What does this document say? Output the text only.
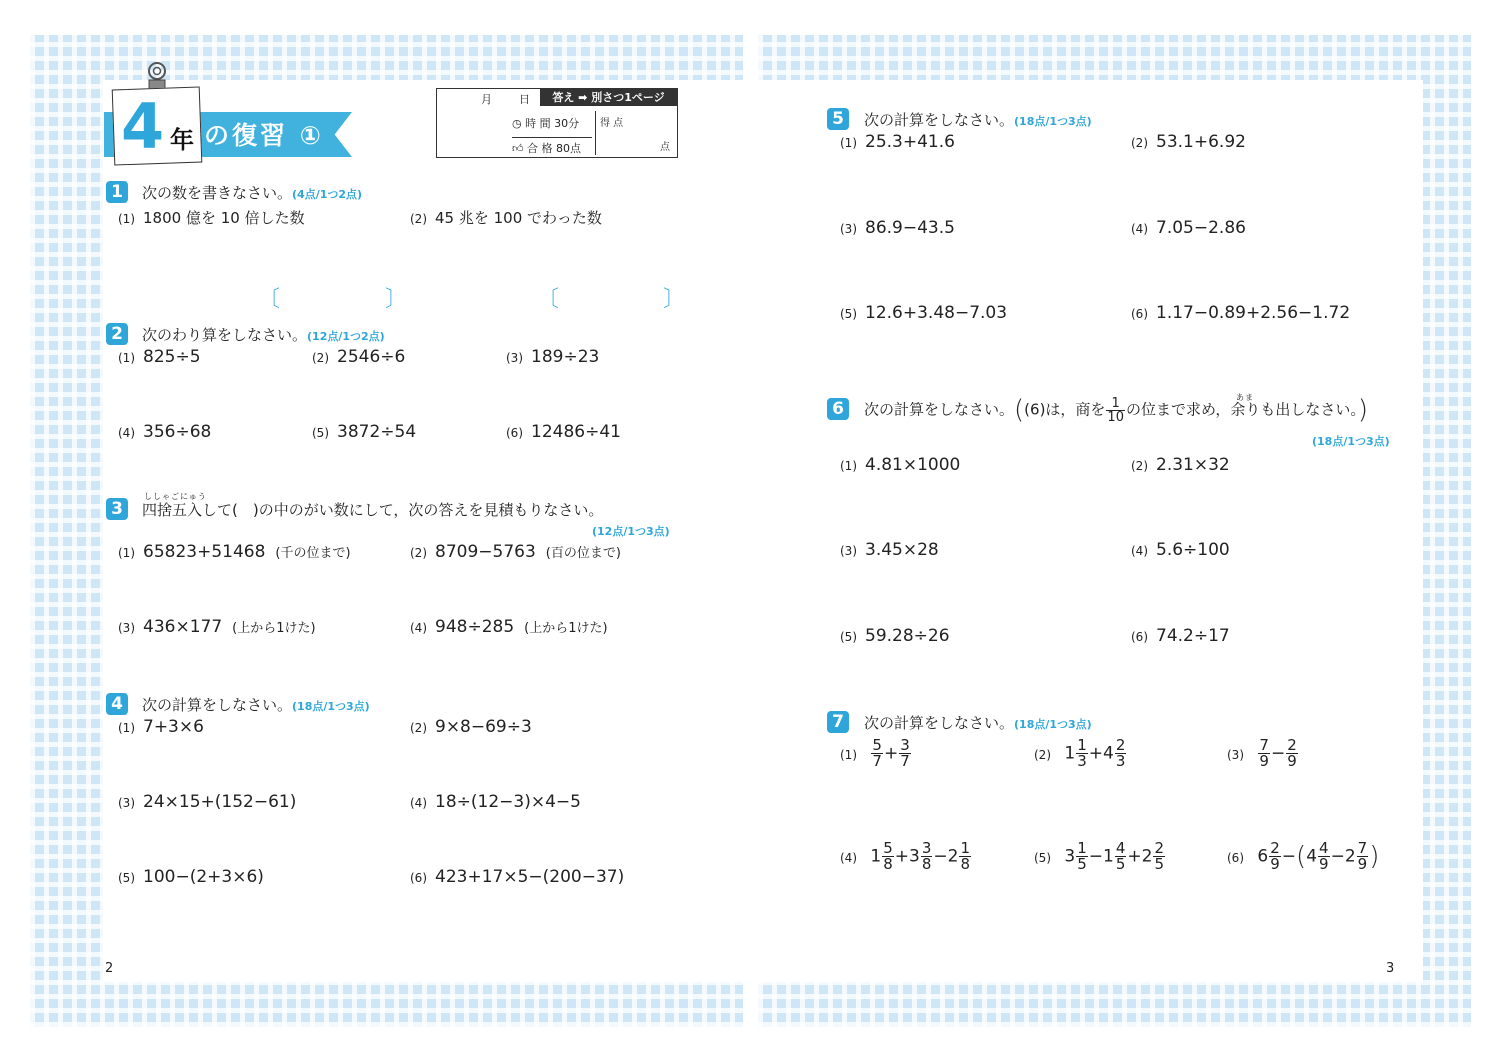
4 年 の復習 ①
月 日	答え ➡ 別さつ1ページ
◷ 時 間 30分
👍︎ 合 格 80点
得 点
点
1	次の数を書きなさい。(4点/1つ2点)
(1) 1800 億を 10 倍した数	(2) 45 兆を 100 でわった数
〔	〕	〔	〕
2	次のわり算をしなさい。(12点/1つ2点)
(1) 825÷5	(2) 2546÷6	(3) 189÷23
(4) 356÷68	(5) 3872÷54	(6) 12486÷41
ししゃごにゅう
3	四捨五入して(　)の中のがい数にして，次の答えを見積もりなさい。
(12点/1つ3点)
(1) 65823+51468 (千の位まで)	(2) 8709−5763 (百の位まで)
(3) 436×177 (上から1けた)	(4) 948÷285 (上から1けた)
4	次の計算をしなさい。(18点/1つ3点)
(1) 7+3×6	(2) 9×8−69÷3
(3) 24×15+(152−61)	(4) 18÷(12−3)×4−5
(5) 100−(2+3×6)	(6) 423+17×5−(200−37)
2
5	次の計算をしなさい。(18点/1つ3点)
(1) 25.3+41.6	(2) 53.1+6.92
(3) 86.9−43.5	(4) 7.05−2.86
(5) 12.6+3.48−7.03	(6) 1.17−0.89+2.56−1.72
6
あま
次の計算をしなさい。((6)は，商を $\frac{1}{10}$ の位まで求め，余りも出しなさい。)
(18点/1つ3点)
(1) 4.81×1000	(2) 2.31×32
(3) 3.45×28	(4) 5.6÷100
(5) 59.28÷26	(6) 74.2÷17
7	次の計算をしなさい。(18点/1つ3点)
$(1) \frac{5}{7} + \frac{3}{7}$	(2) $1 \frac{1}{3} +4 \frac{2}{3}$	$(3) \frac{7}{9} - \frac{2}{9}$
(4) $1 \frac{5}{8} +3 \frac{3}{8} -2 \frac{1}{8}$	(5) $3 \frac{1}{5} -1 \frac{4}{5} +2 \frac{2}{5}$	(6) $6 \frac{2}{9} -(4 \frac{4}{9} -2 \frac{7}{9}$ )
3
